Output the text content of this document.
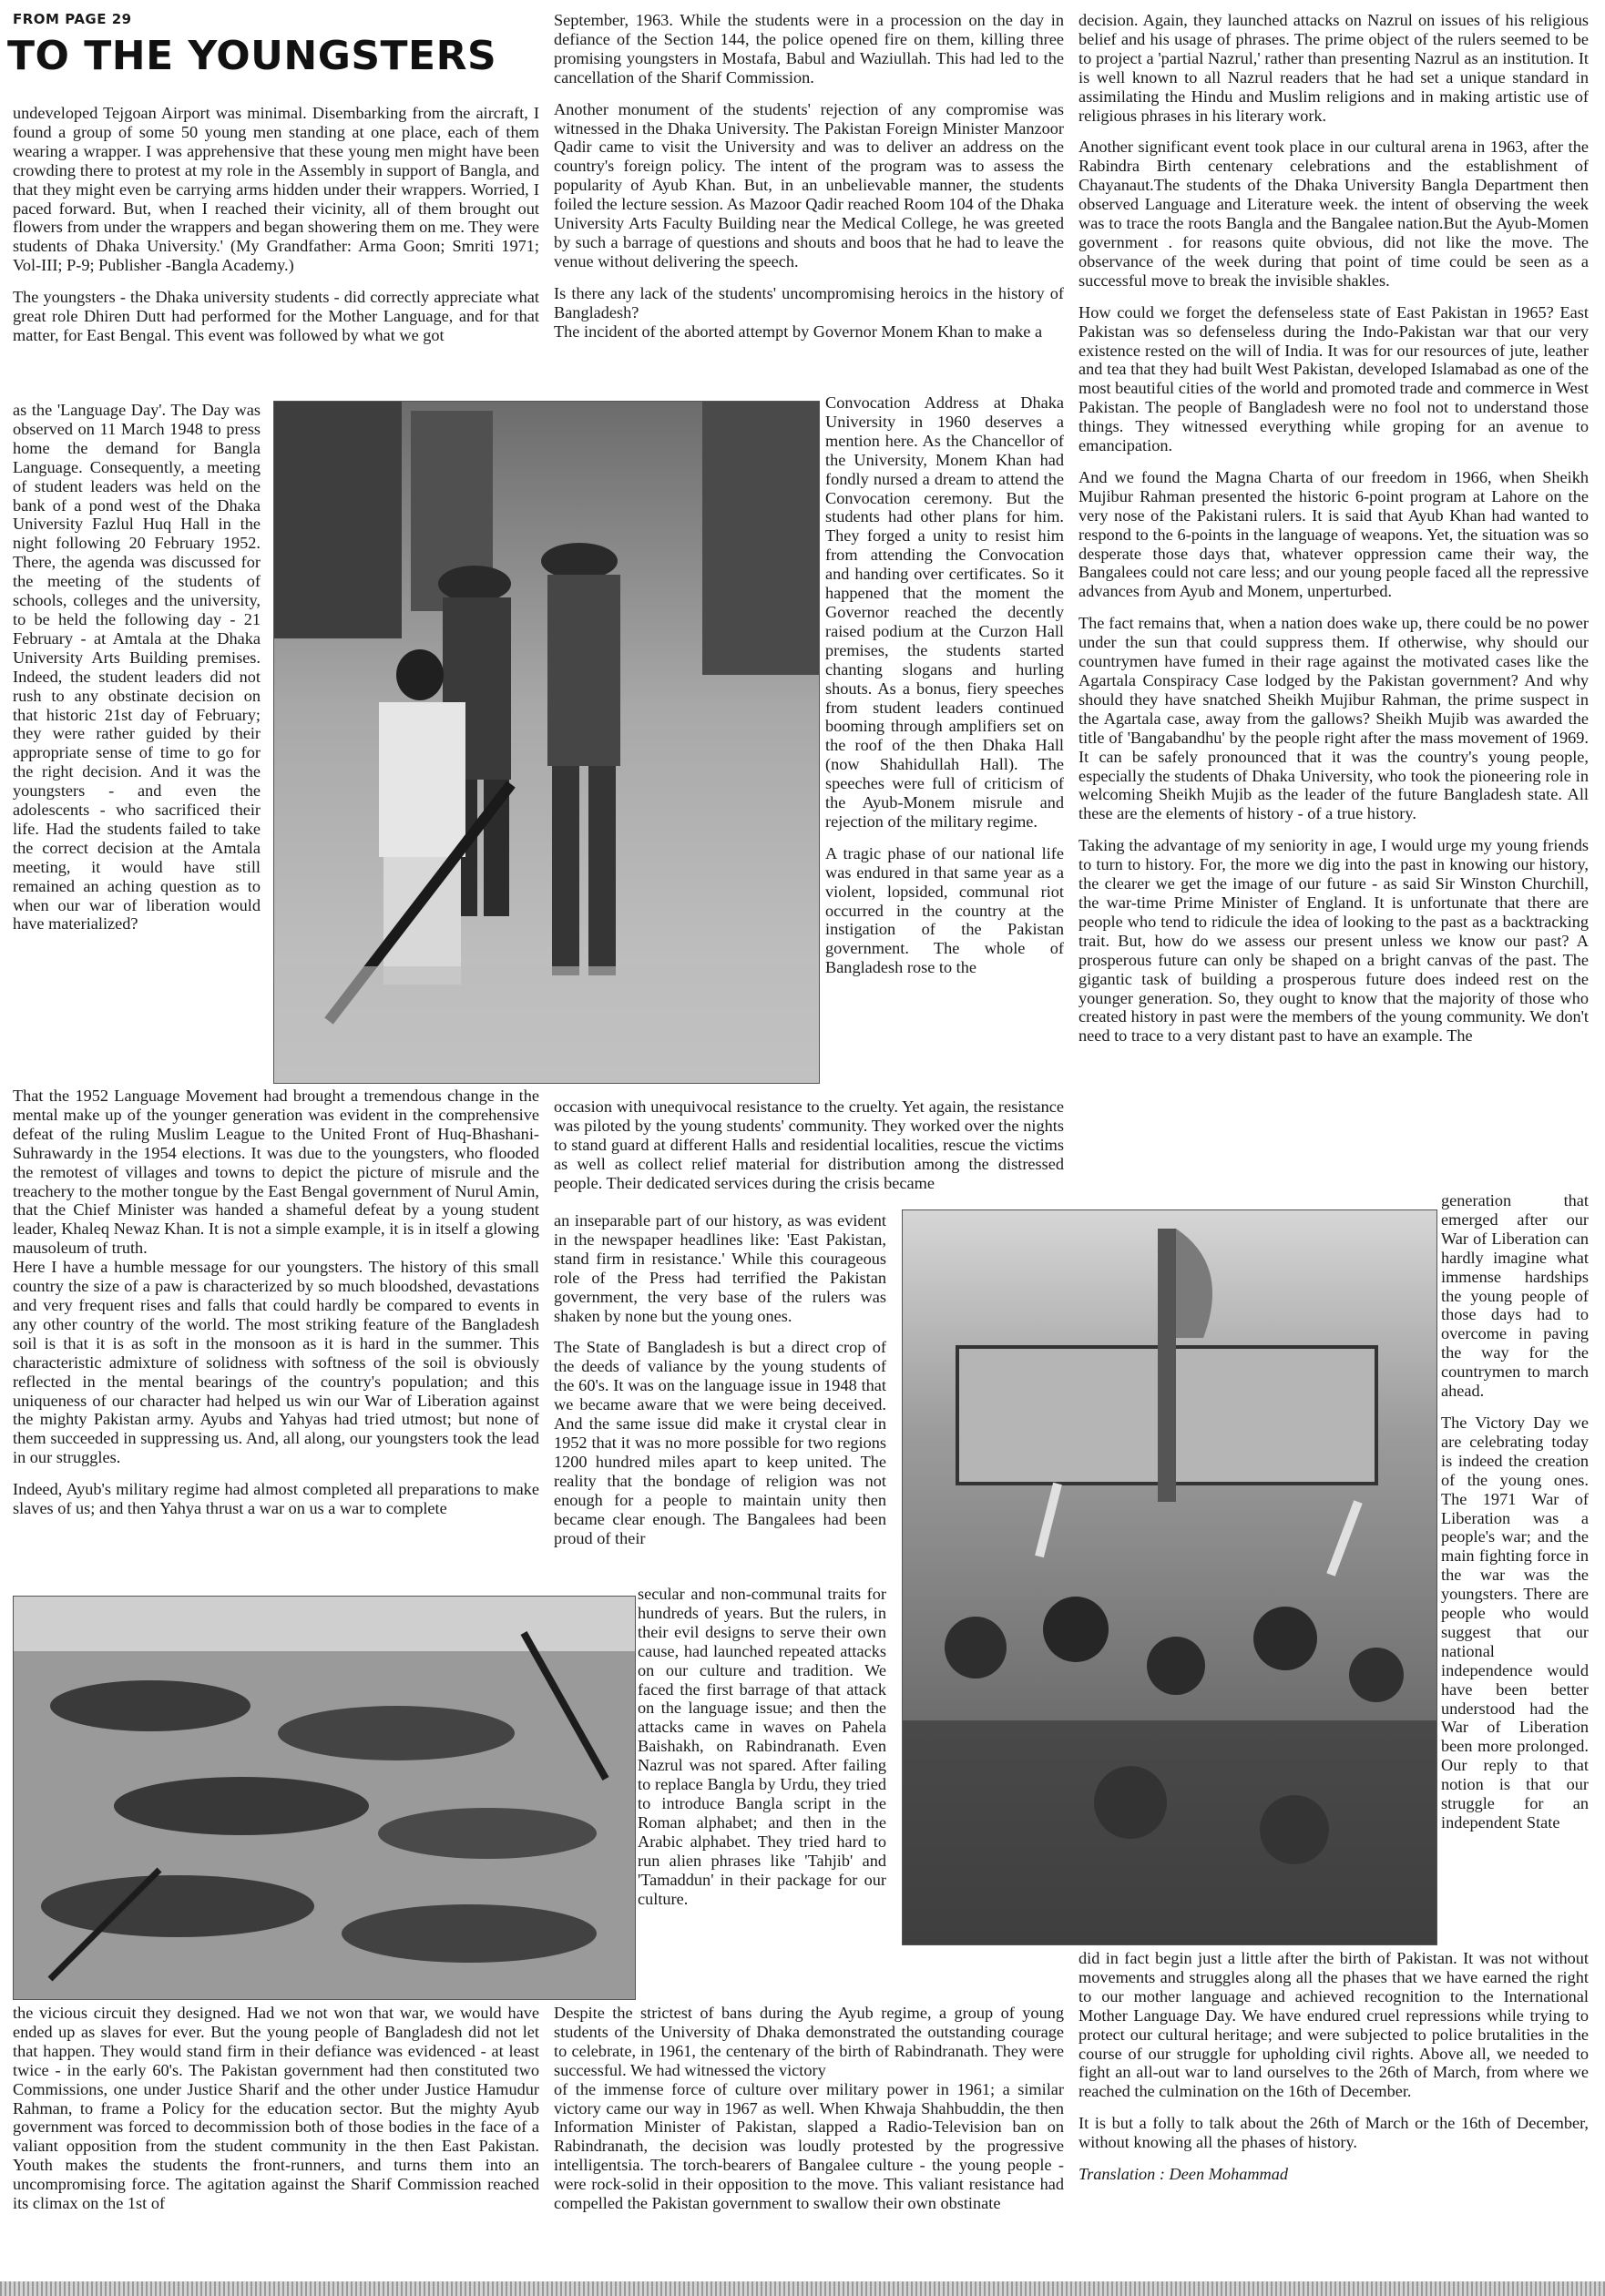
FROM PAGE 29
TO THE YOUNGSTERS

undeveloped Tejgoan Airport was minimal. Disembarking from the aircraft, I found a group of some 50 young men standing at one place, each of them wearing a wrapper. I was apprehensive that these young men might have been crowding there to protest at my role in the Assembly in support of Bangla, and that they might even be carrying arms hidden under their wrappers. Worried, I paced forward. But, when I reached their vicinity, all of them brought out flowers from under the wrappers and began showering them on me. They were students of Dhaka University.' (My Grandfather: Arma Goon; Smriti 1971; Vol-III; P-9; Publisher -Bangla Academy.)

The youngsters - the Dhaka university students - did correctly appreciate what great role Dhiren Dutt had performed for the Mother Language, and for that matter, for East Bengal. This event was followed by what we got

as the 'Language Day'. The Day was observed on 11 March 1948 to press home the demand for Bangla Language. Consequently, a meeting of student leaders was held on the bank of a pond west of the Dhaka University Fazlul Huq Hall in the night following 20 February 1952. There, the agenda was discussed for the meeting of the students of schools, colleges and the university, to be held the following day - 21 February - at Amtala at the Dhaka University Arts Building premises. Indeed, the student leaders did not rush to any obstinate decision on that historic 21st day of February; they were rather guided by their appropriate sense of time to go for the right decision. And it was the youngsters - and even the adolescents - who sacrificed their life. Had the students failed to take the correct decision at the Amtala meeting, it would have still remained an aching question as to when our war of liberation would have materialized?

That the 1952 Language Movement had brought a tremendous change in the mental make up of the younger generation was evident in the comprehensive defeat of the ruling Muslim League to the United Front of Huq-Bhashani-Suhrawardy in the 1954 elections. It was due to the youngsters, who flooded the remotest of villages and towns to depict the picture of misrule and the treachery to the mother tongue by the East Bengal government of Nurul Amin, that the Chief Minister was handed a shameful defeat by a young student leader, Khaleq Newaz Khan. It is not a simple example, it is in itself a glowing mausoleum of truth.

Here I have a humble message for our youngsters. The history of this small country the size of a paw is characterized by so much bloodshed, devastations and very frequent rises and falls that could hardly be compared to events in any other country of the world. The most striking feature of the Bangladesh soil is that it is as soft in the monsoon as it is hard in the summer. This characteristic admixture of solidness with softness of the soil is obviously reflected in the mental bearings of the country's population; and this uniqueness of our character had helped us win our War of Liberation against the mighty Pakistan army. Ayubs and Yahyas had tried utmost; but none of them succeeded in suppressing us. And, all along, our youngsters took the lead in our struggles.

Indeed, Ayub's military regime had almost completed all preparations to make slaves of us; and then Yahya thrust a war on us a war to complete

the vicious circuit they designed. Had we not won that war, we would have ended up as slaves for ever. But the young people of Bangladesh did not let that happen. They would stand firm in their defiance was evidenced - at least twice - in the early 60's. The Pakistan government had then constituted two Commissions, one under Justice Sharif and the other under Justice Hamudur Rahman, to frame a Policy for the education sector. But the mighty Ayub government was forced to decommission both of those bodies in the face of a valiant opposition from the student community in the then East Pakistan. Youth makes the students the front-runners, and turns them into an uncompromising force. The agitation against the Sharif Commission reached its climax on the 1st of

September, 1963. While the students were in a procession on the day in defiance of the Section 144, the police opened fire on them, killing three promising youngsters in Mostafa, Babul and Waziullah. This had led to the cancellation of the Sharif Commission.

Another monument of the students' rejection of any compromise was witnessed in the Dhaka University. The Pakistan Foreign Minister Manzoor Qadir came to visit the University and was to deliver an address on the country's foreign policy. The intent of the program was to assess the popularity of Ayub Khan. But, in an unbelievable manner, the students foiled the lecture session. As Mazoor Qadir reached Room 104 of the Dhaka University Arts Faculty Building near the Medical College, he was greeted by such a barrage of questions and shouts and boos that he had to leave the venue without delivering the speech.

Is there any lack of the students' uncompromising heroics in the history of Bangladesh?

The incident of the aborted attempt by Governor Monem Khan to make a

Convocation Address at Dhaka University in 1960 deserves a mention here. As the Chancellor of the University, Monem Khan had fondly nursed a dream to attend the Convocation ceremony. But the students had other plans for him. They forged a unity to resist him from attending the Convocation and handing over certificates. So it happened that the moment the Governor reached the decently raised podium at the Curzon Hall premises, the students started chanting slogans and hurling shouts. As a bonus, fiery speeches from student leaders continued booming through amplifiers set on the roof of the then Dhaka Hall (now Shahidullah Hall). The speeches were full of criticism of the Ayub-Monem misrule and rejection of the military regime.

A tragic phase of our national life was endured in that same year as a violent, lopsided, communal riot occurred in the country at the instigation of the Pakistan government. The whole of Bangladesh rose to the

occasion with unequivocal resistance to the cruelty. Yet again, the resistance was piloted by the young students' community. They worked over the nights to stand guard at different Halls and residential localities, rescue the victims as well as collect relief material for distribution among the distressed people. Their dedicated services during the crisis became

an inseparable part of our history, as was evident in the newspaper headlines like: 'East Pakistan, stand firm in resistance.' While this courageous role of the Press had terrified the Pakistan government, the very base of the rulers was shaken by none but the young ones.

The State of Bangladesh is but a direct crop of the deeds of valiance by the young students of the 60's. It was on the language issue in 1948 that we became aware that we were being deceived. And the same issue did make it crystal clear in 1952 that it was no more possible for two regions 1200 hundred miles apart to keep united. The reality that the bondage of religion was not enough for a people to maintain unity then became clear enough. The Bangalees had been proud of their

secular and non-communal traits for hundreds of years. But the rulers, in their evil designs to serve their own cause, had launched repeated attacks on our culture and tradition. We faced the first barrage of that attack on the language issue; and then the attacks came in waves on Pahela Baishakh, on Rabindranath. Even Nazrul was not spared. After failing to replace Bangla by Urdu, they tried to introduce Bangla script in the Roman alphabet; and then in the Arabic alphabet. They tried hard to run alien phrases like 'Tahjib' and 'Tamaddun' in their package for our culture.

Despite the strictest of bans during the Ayub regime, a group of young students of the University of Dhaka demonstrated the outstanding courage to celebrate, in 1961, the centenary of the birth of Rabindranath. They were successful. We had witnessed the victory

of the immense force of culture over military power in 1961; a similar victory came our way in 1967 as well. When Khwaja Shahbuddin, the then Information Minister of Pakistan, slapped a Radio-Television ban on Rabindranath, the decision was loudly protested by the progressive intelligentsia. The torch-bearers of Bangalee culture - the young people - were rock-solid in their opposition to the move. This valiant resistance had compelled the Pakistan government to swallow their own obstinate

decision. Again, they launched attacks on Nazrul on issues of his religious belief and his usage of phrases. The prime object of the rulers seemed to be to project a 'partial Nazrul,' rather than presenting Nazrul as an institution. It is well known to all Nazrul readers that he had set a unique standard in assimilating the Hindu and Muslim religions and in making artistic use of religious phrases in his literary work.

Another significant event took place in our cultural arena in 1963, after the Rabindra Birth centenary celebrations and the establishment of Chayanaut.The students of the Dhaka University Bangla Department then observed Language and Literature week. the intent of observing the week was to trace the roots Bangla and the Bangalee nation.But the Ayub-Momen government . for reasons quite obvious, did not like the move. The observance of the week during that point of time could be seen as a successful move to break the invisible shakles.

How could we forget the defenseless state of East Pakistan in 1965? East Pakistan was so defenseless during the Indo-Pakistan war that our very existence rested on the will of India. It was for our resources of jute, leather and tea that they had built West Pakistan, developed Islamabad as one of the most beautiful cities of the world and promoted trade and commerce in West Pakistan. The people of Bangladesh were no fool not to understand those things. They witnessed everything while groping for an avenue to emancipation.

And we found the Magna Charta of our freedom in 1966, when Sheikh Mujibur Rahman presented the historic 6-point program at Lahore on the very nose of the Pakistani rulers. It is said that Ayub Khan had wanted to respond to the 6-points in the language of weapons. Yet, the situation was so desperate those days that, whatever oppression came their way, the Bangalees could not care less; and our young people faced all the repressive advances from Ayub and Monem, unperturbed.

The fact remains that, when a nation does wake up, there could be no power under the sun that could suppress them. If otherwise, why should our countrymen have fumed in their rage against the motivated cases like the Agartala Conspiracy Case lodged by the Pakistan government? And why should they have snatched Sheikh Mujibur Rahman, the prime suspect in the Agartala case, away from the gallows? Sheikh Mujib was awarded the title of 'Bangabandhu' by the people right after the mass movement of 1969. It can be safely pronounced that it was the country's young people, especially the students of Dhaka University, who took the pioneering role in welcoming Sheikh Mujib as the leader of the future Bangladesh state. All these are the elements of history - of a true history.

Taking the advantage of my seniority in age, I would urge my young friends to turn to history. For, the more we dig into the past in knowing our history, the clearer we get the image of our future - as said Sir Winston Churchill, the war-time Prime Minister of England. It is unfortunate that there are people who tend to ridicule the idea of looking to the past as a backtracking trait. But, how do we assess our present unless we know our past? A prosperous future can only be shaped on a bright canvas of the past. The gigantic task of building a prosperous future does indeed rest on the younger generation. So, they ought to know that the majority of those who created history in past were the members of the young community. We don't need to trace to a very distant past to have an example. The

generation that emerged after our War of Liberation can hardly imagine what immense hardships the young people of those days had to overcome in paving the way for the countrymen to march ahead.

The Victory Day we are celebrating today is indeed the creation of the young ones. The 1971 War of Liberation was a people's war; and the main fighting force in the war was the youngsters. There are people who would suggest that our national independence would have been better understood had the War of Liberation been more prolonged. Our reply to that notion is that our struggle for an independent State

did in fact begin just a little after the birth of Pakistan. It was not without movements and struggles along all the phases that we have earned the right to our mother language and achieved recognition to the International Mother Language Day. We have endured cruel repressions while trying to protect our cultural heritage; and were subjected to police brutalities in the course of our struggle for upholding civil rights. Above all, we needed to fight an all-out war to land ourselves to the 26th of March, from where we reached the culmination on the 16th of December.

It is but a folly to talk about the 26th of March or the 16th of December, without knowing all the phases of history.

Translation : Deen Mohammad
